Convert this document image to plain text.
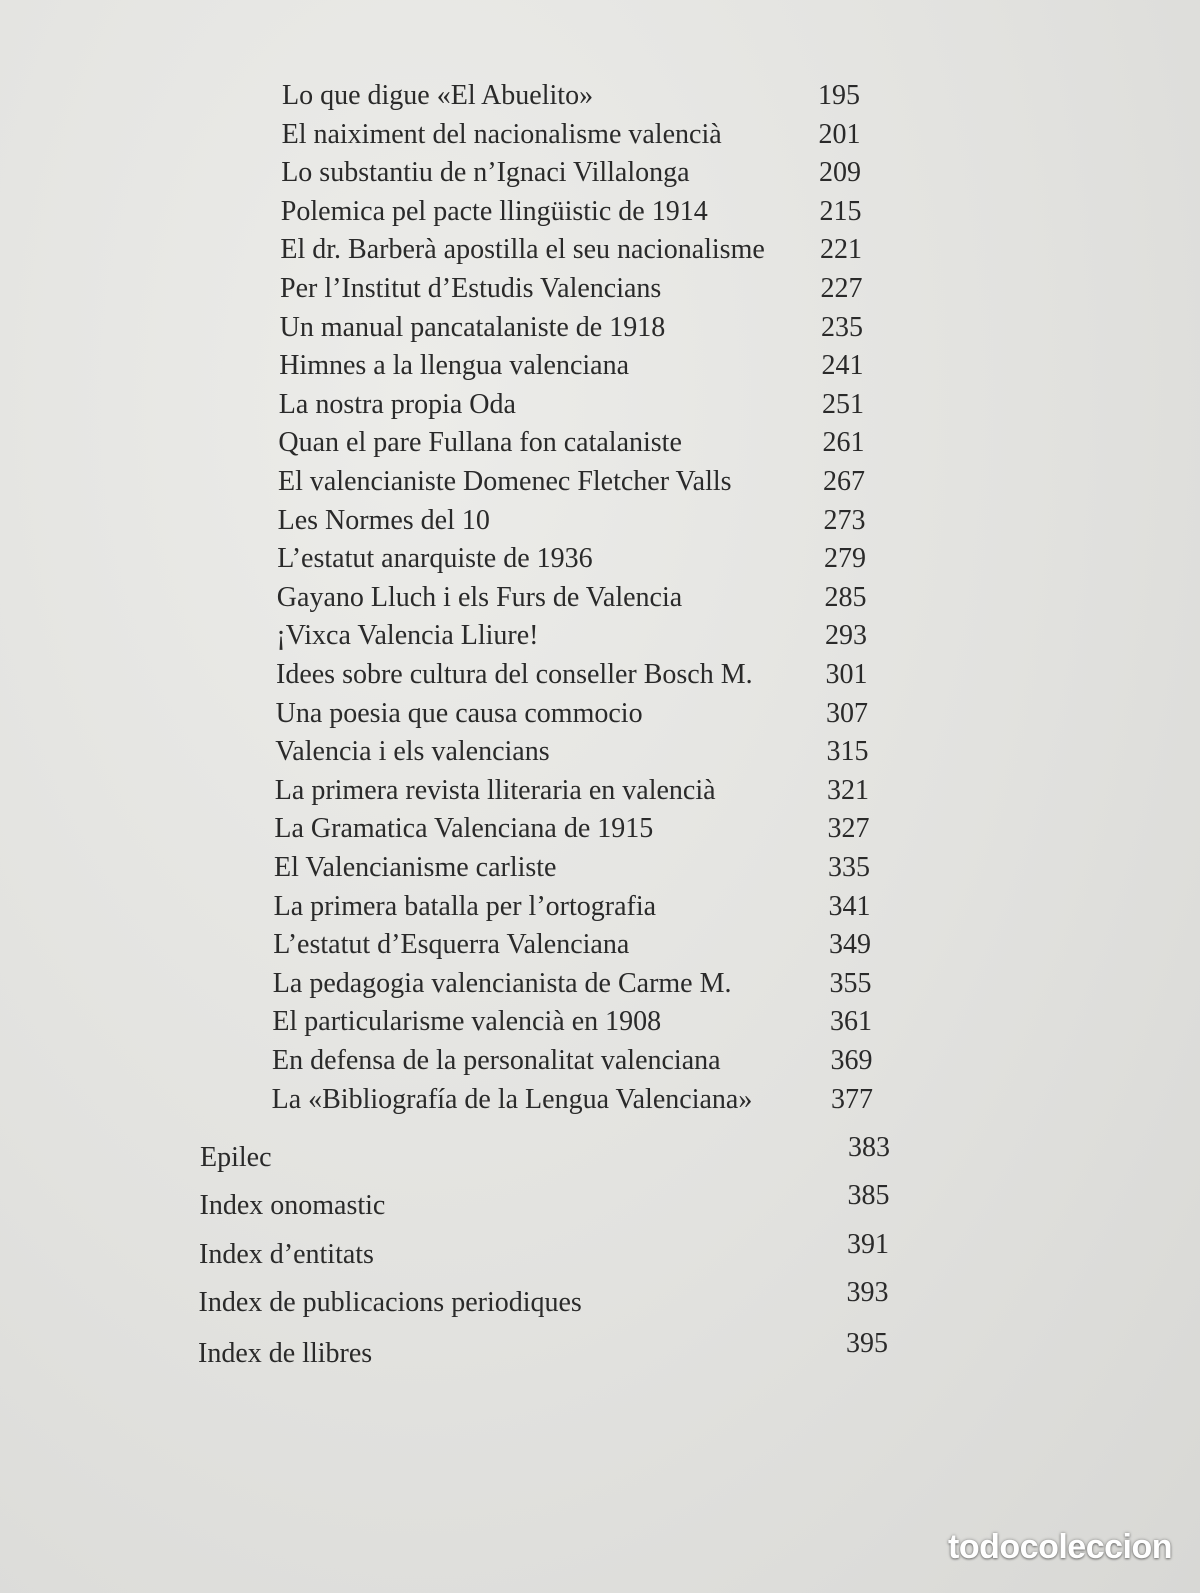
Lo que digue «El Abuelito»	195
El naiximent del nacionalisme valencià	201
Lo substantiu de n’Ignaci Villalonga	209
Polemica pel pacte llingüistic de 1914	215
El dr. Barberà apostilla el seu nacionalisme 221
Per l’Institut d’Estudis Valencians	227
Un manual pancatalaniste de 1918	235
Himnes a la llengua valenciana	241
La nostra propia Oda	251
Quan el pare Fullana fon catalaniste	261
El valencianiste Domenec Fletcher Valls	267
Les Normes del 10	273
L’estatut anarquiste de 1936	279
Gayano Lluch i els Furs de Valencia	285
¡Vixca Valencia Lliure!	293
Idees sobre cultura del conseller Bosch M.	301
Una poesia que causa commocio	307
Valencia i els valencians	315
La primera revista lliteraria en valencià	321
La Gramatica Valenciana de 1915	327
El Valencianisme carliste	335
La primera batalla per l’ortografia	341
L’estatut d’Esquerra Valenciana	349
La pedagogia valencianista de Carme M.	355
El particularisme valencià en 1908	361
En defensa de la personalitat valenciana	369
La «Bibliografía de la Lengua Valenciana»	377
Epilec	383
Index onomastic	385
Index d’entitats	391
Index de publicacions periodiques	393
Index de llibres	395
todocoleccion
